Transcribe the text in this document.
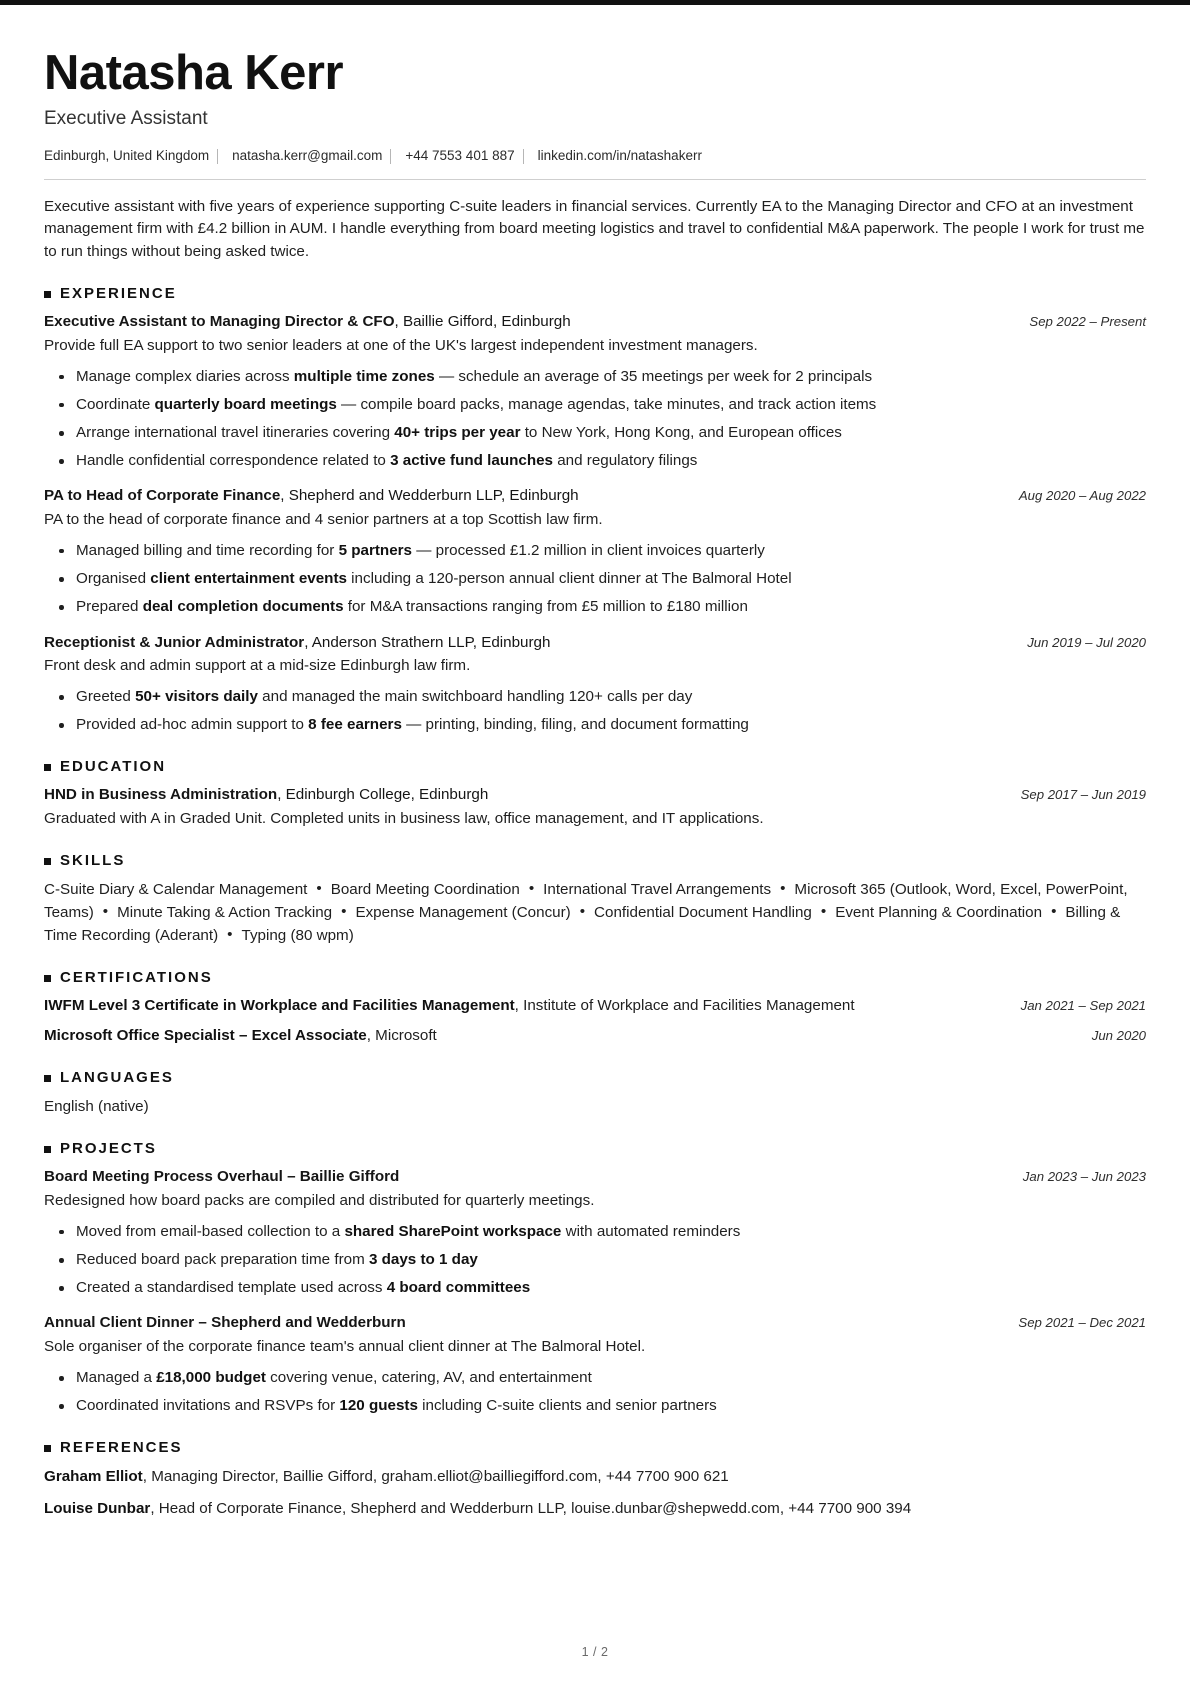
Natasha Kerr
Executive Assistant
Edinburgh, United Kingdom natasha.kerr@gmail.com +44 7553 401 887 linkedin.com/in/natashakerr
Executive assistant with five years of experience supporting C-suite leaders in financial services. Currently EA to the Managing Director and CFO at an investment management firm with £4.2 billion in AUM. I handle everything from board meeting logistics and travel to confidential M&A paperwork. The people I work for trust me to run things without being asked twice.
EXPERIENCE
Executive Assistant to Managing Director & CFO, Baillie Gifford, Edinburgh	Sep 2022 – Present
Provide full EA support to two senior leaders at one of the UK's largest independent investment managers.
Manage complex diaries across multiple time zones — schedule an average of 35 meetings per week for 2 principals
Coordinate quarterly board meetings — compile board packs, manage agendas, take minutes, and track action items
Arrange international travel itineraries covering 40+ trips per year to New York, Hong Kong, and European offices
Handle confidential correspondence related to 3 active fund launches and regulatory filings
PA to Head of Corporate Finance, Shepherd and Wedderburn LLP, Edinburgh	Aug 2020 – Aug 2022
PA to the head of corporate finance and 4 senior partners at a top Scottish law firm.
Managed billing and time recording for 5 partners — processed £1.2 million in client invoices quarterly
Organised client entertainment events including a 120-person annual client dinner at The Balmoral Hotel
Prepared deal completion documents for M&A transactions ranging from £5 million to £180 million
Receptionist & Junior Administrator, Anderson Strathern LLP, Edinburgh	Jun 2019 – Jul 2020
Front desk and admin support at a mid-size Edinburgh law firm.
Greeted 50+ visitors daily and managed the main switchboard handling 120+ calls per day
Provided ad-hoc admin support to 8 fee earners — printing, binding, filing, and document formatting
EDUCATION
HND in Business Administration, Edinburgh College, Edinburgh	Sep 2017 – Jun 2019
Graduated with A in Graded Unit. Completed units in business law, office management, and IT applications.
SKILLS
C-Suite Diary & Calendar Management • Board Meeting Coordination • International Travel Arrangements • Microsoft 365 (Outlook, Word, Excel, PowerPoint, Teams) • Minute Taking & Action Tracking • Expense Management (Concur) • Confidential Document Handling • Event Planning & Coordination • Billing & Time Recording (Aderant) • Typing (80 wpm)
CERTIFICATIONS
IWFM Level 3 Certificate in Workplace and Facilities Management, Institute of Workplace and Facilities Management	Jan 2021 – Sep 2021
Microsoft Office Specialist – Excel Associate, Microsoft	Jun 2020
LANGUAGES
English (native)
PROJECTS
Board Meeting Process Overhaul – Baillie Gifford	Jan 2023 – Jun 2023
Redesigned how board packs are compiled and distributed for quarterly meetings.
Moved from email-based collection to a shared SharePoint workspace with automated reminders
Reduced board pack preparation time from 3 days to 1 day
Created a standardised template used across 4 board committees
Annual Client Dinner – Shepherd and Wedderburn	Sep 2021 – Dec 2021
Sole organiser of the corporate finance team's annual client dinner at The Balmoral Hotel.
Managed a £18,000 budget covering venue, catering, AV, and entertainment
Coordinated invitations and RSVPs for 120 guests including C-suite clients and senior partners
REFERENCES
Graham Elliot, Managing Director, Baillie Gifford, graham.elliot@bailliegifford.com, +44 7700 900 621
Louise Dunbar, Head of Corporate Finance, Shepherd and Wedderburn LLP, louise.dunbar@shepwedd.com, +44 7700 900 394
1 / 2
